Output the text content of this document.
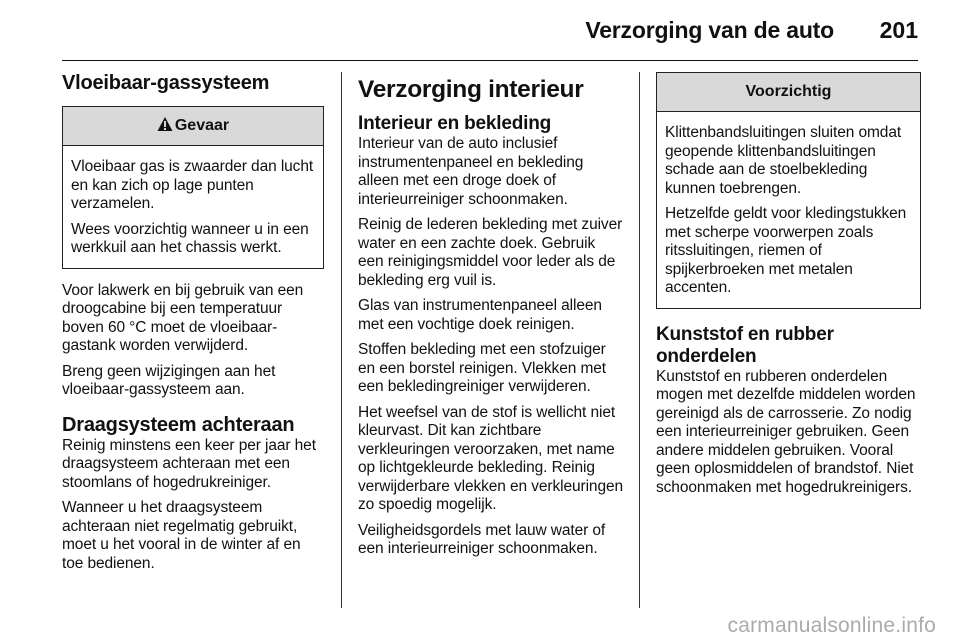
Verzorging van de auto 201
Vloeibaar-gassysteem
Gevaar

Vloeibaar gas is zwaarder dan lucht en kan zich op lage punten verzamelen.

Wees voorzichtig wanneer u in een werkkuil aan het chassis werkt.

Voor lakwerk en bij gebruik van een droogcabine bij een temperatuur boven 60 °C moet de vloeibaar-gastank worden verwijderd.

Breng geen wijzigingen aan het vloeibaar-gassysteem aan.

Draagsysteem achteraan

Reinig minstens een keer per jaar het draagsysteem achteraan met een stoomlans of hogedrukreiniger.

Wanneer u het draagsysteem achteraan niet regelmatig gebruikt, moet u het vooral in de winter af en toe bedienen.

Verzorging interieur
Interieur en bekleding

Interieur van de auto inclusief instrumentenpaneel en bekleding alleen met een droge doek of interieurreiniger schoonmaken.

Reinig de lederen bekleding met zuiver water en een zachte doek. Gebruik een reinigingsmiddel voor leder als de bekleding erg vuil is.

Glas van instrumentenpaneel alleen met een vochtige doek reinigen.

Stoffen bekleding met een stofzuiger en een borstel reinigen. Vlekken met een bekledingreiniger verwijderen.

Het weefsel van de stof is wellicht niet kleurvast. Dit kan zichtbare verkleuringen veroorzaken, met name op lichtgekleurde bekleding. Reinig verwijderbare vlekken en verkleuringen zo spoedig mogelijk.

Veiligheidsgordels met lauw water of een interieurreiniger schoonmaken.

Voorzichtig

Klittenbandsluitingen sluiten omdat geopende klittenbandsluitingen schade aan de stoelbekleding kunnen toebrengen.

Hetzelfde geldt voor kledingstukken met scherpe voorwerpen zoals ritssluitingen, riemen of spijkerbroeken met metalen accenten.

Kunststof en rubber onderdelen

Kunststof en rubberen onderdelen mogen met dezelfde middelen worden gereinigd als de carrosserie. Zo nodig een interieurreiniger gebruiken. Geen andere middelen gebruiken. Vooral geen oplosmiddelen of brandstof. Niet schoonmaken met hogedrukreinigers.

carmanualsonline.info
